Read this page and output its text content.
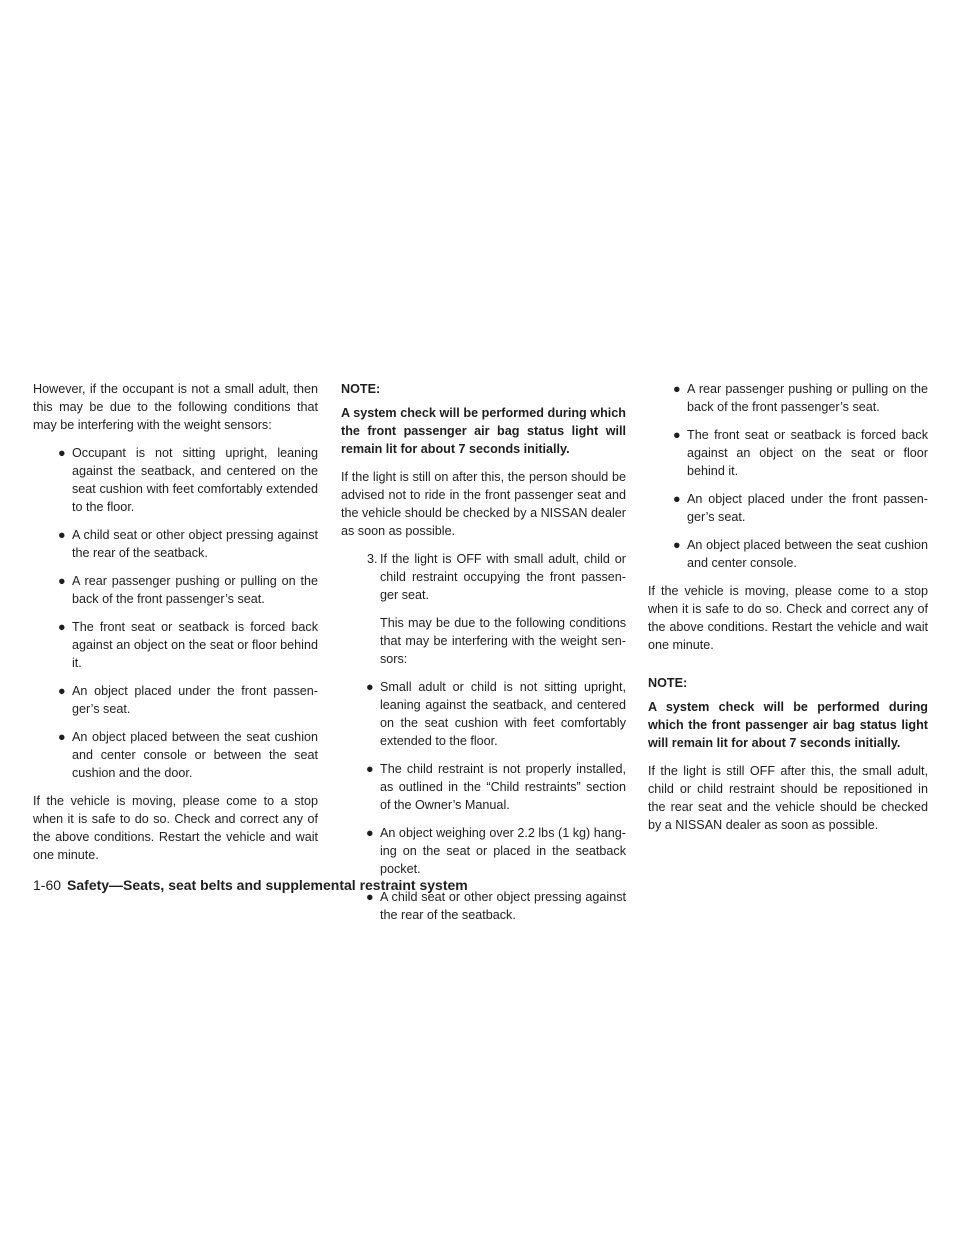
However, if the occupant is not a small adult, then this may be due to the following conditions that may be interfering with the weight sensors:

● Occupant is not sitting upright, leaning against the seatback, and centered on the seat cushion with feet comfortably extended to the floor.
● A child seat or other object pressing against the rear of the seatback.
● A rear passenger pushing or pulling on the back of the front passenger’s seat.
● The front seat or seatback is forced back against an object on the seat or floor behind it.
● An object placed under the front passen-ger’s seat.
● An object placed between the seat cushion and center console or between the seat cushion and the door.

If the vehicle is moving, please come to a stop when it is safe to do so. Check and correct any of the above conditions. Restart the vehicle and wait one minute.

NOTE:

A system check will be performed during which the front passenger air bag status light will remain lit for about 7 seconds initially.

If the light is still on after this, the person should be advised not to ride in the front passenger seat and the vehicle should be checked by a NISSAN dealer as soon as possible.

3. If the light is OFF with small adult, child or child restraint occupying the front passen-ger seat.

This may be due to the following conditions that may be interfering with the weight sen-sors:

● Small adult or child is not sitting upright, leaning against the seatback, and centered on the seat cushion with feet comfortably extended to the floor.
● The child restraint is not properly installed, as outlined in the “Child restraints” section of the Owner’s Manual.
● An object weighing over 2.2 lbs (1 kg) hang-ing on the seat or placed in the seatback pocket.
● A child seat or other object pressing against the rear of the seatback.
● A rear passenger pushing or pulling on the back of the front passenger’s seat.
● The front seat or seatback is forced back against an object on the seat or floor behind it.
● An object placed under the front passen-ger’s seat.
● An object placed between the seat cushion and center console.

If the vehicle is moving, please come to a stop when it is safe to do so. Check and correct any of the above conditions. Restart the vehicle and wait one minute.

NOTE:

A system check will be performed during which the front passenger air bag status light will remain lit for about 7 seconds initially.

If the light is still OFF after this, the small adult, child or child restraint should be repositioned in the rear seat and the vehicle should be checked by a NISSAN dealer as soon as possible.

1-60 Safety—Seats, seat belts and supplemental restraint system
